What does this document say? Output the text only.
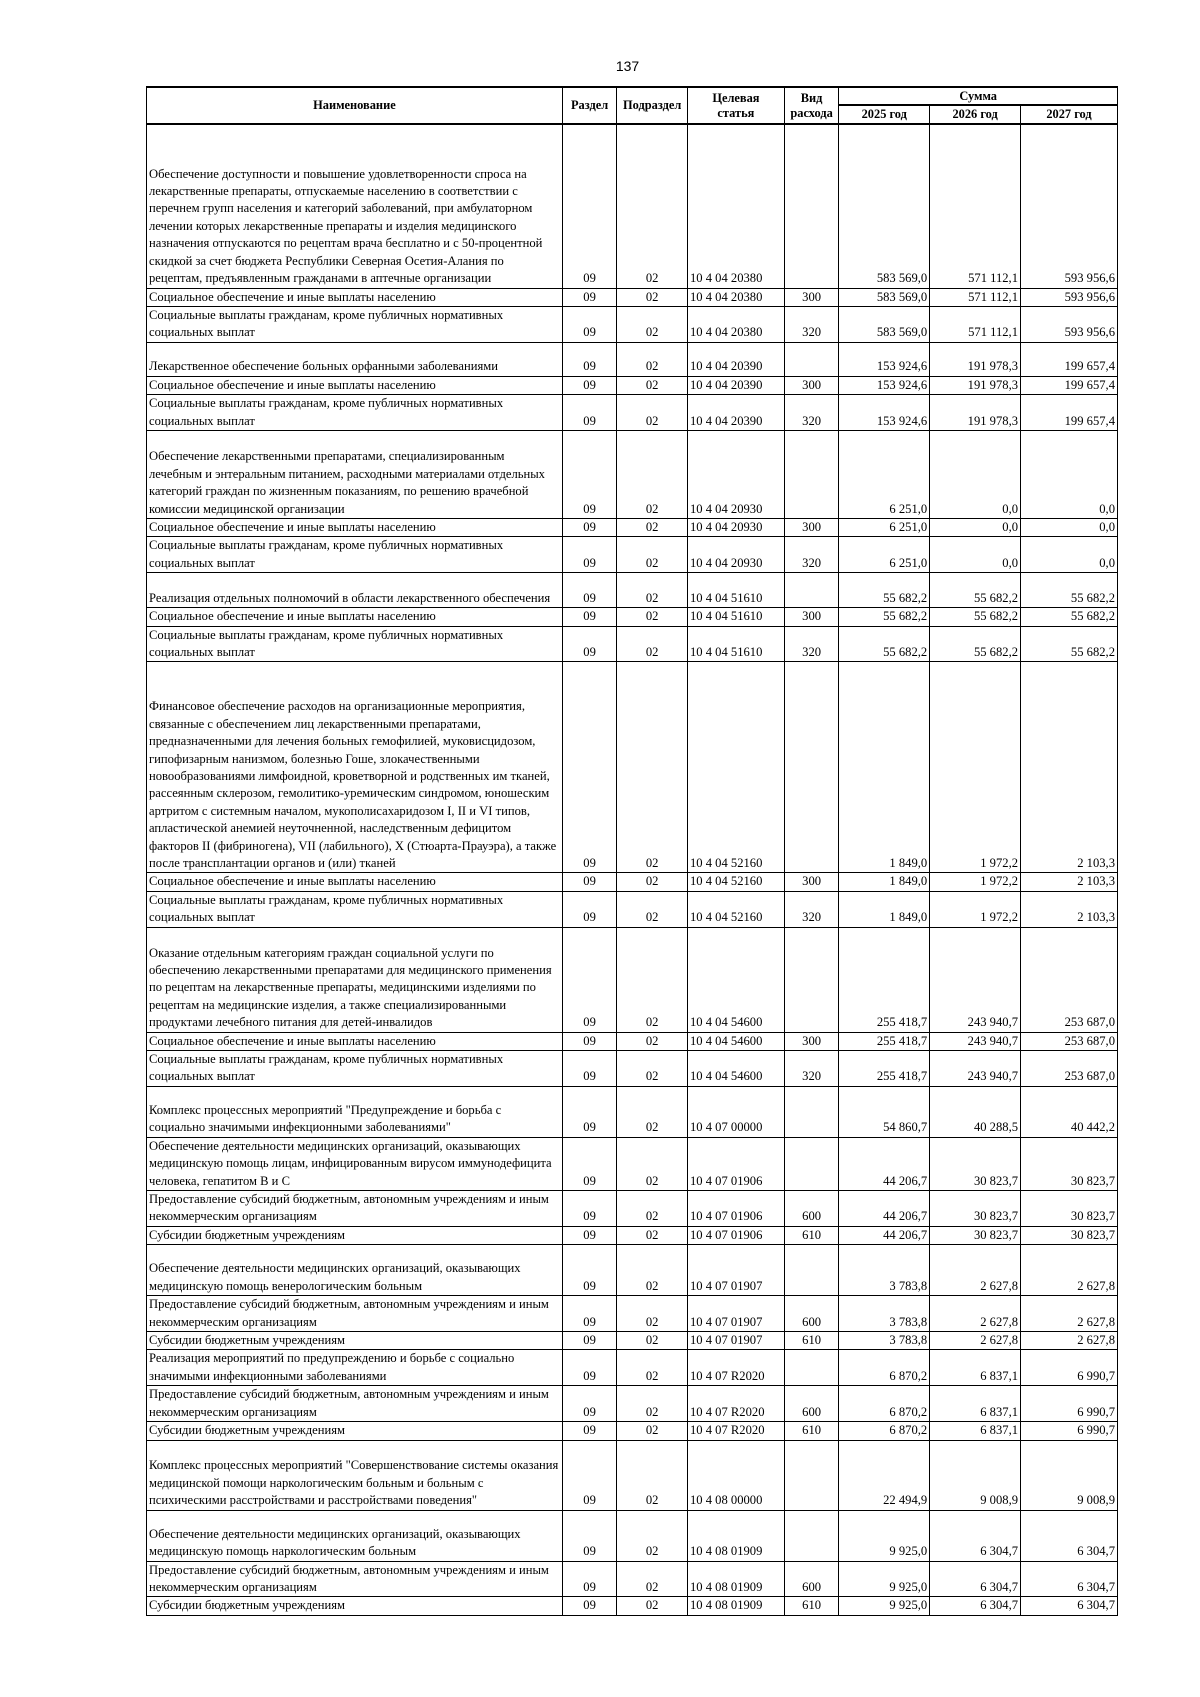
137
Наименование	Раздел	Подраздел	Целевая
статья	Вид
расхода	Сумма		
					2025 год	2026 год	2027 год
Обеспечение доступности и повышение удовлетворенности спроса на лекарственные препараты, отпускаемые населению в соответствии с перечнем групп населения и категорий заболеваний, при амбулаторном лечении которых лекарственные препараты и изделия медицинского назначения отпускаются по рецептам врача бесплатно и с 50-процентной скидкой за счет бюджета Республики Северная Осетия-Алания по рецептам, предъявленным гражданами в аптечные организации	09	02	10 4 04 20380		583 569,0	571 112,1	593 956,6
Социальное обеспечение и иные выплаты населению	09	02	10 4 04 20380	300	583 569,0	571 112,1	593 956,6
Социальные выплаты гражданам, кроме публичных нормативных социальных выплат	09	02	10 4 04 20380	320	583 569,0	571 112,1	593 956,6
Лекарственное обеспечение больных орфанными заболеваниями	09	02	10 4 04 20390		153 924,6	191 978,3	199 657,4
Социальное обеспечение и иные выплаты населению	09	02	10 4 04 20390	300	153 924,6	191 978,3	199 657,4
Социальные выплаты гражданам, кроме публичных нормативных социальных выплат	09	02	10 4 04 20390	320	153 924,6	191 978,3	199 657,4
Обеспечение лекарственными препаратами, специализированным лечебным и энтеральным питанием, расходными материалами отдельных категорий граждан по жизненным показаниям, по решению врачебной комиссии медицинской организации	09	02	10 4 04 20930		6 251,0	0,0	0,0
Социальное обеспечение и иные выплаты населению	09	02	10 4 04 20930	300	6 251,0	0,0	0,0
Социальные выплаты гражданам, кроме публичных нормативных социальных выплат	09	02	10 4 04 20930	320	6 251,0	0,0	0,0
Реализация отдельных полномочий в области лекарственного обеспечения	09	02	10 4 04 51610		55 682,2	55 682,2	55 682,2
Социальное обеспечение и иные выплаты населению	09	02	10 4 04 51610	300	55 682,2	55 682,2	55 682,2
Социальные выплаты гражданам, кроме публичных нормативных социальных выплат	09	02	10 4 04 51610	320	55 682,2	55 682,2	55 682,2
Финансовое обеспечение расходов на организационные мероприятия, связанные с обеспечением лиц лекарственными препаратами, предназначенными для лечения больных гемофилией, муковисцидозом, гипофизарным нанизмом, болезнью Гоше, злокачественными новообразованиями лимфоидной, кроветворной и родственных им тканей, рассеянным склерозом, гемолитико-уремическим синдромом, юношеским артритом с системным началом, мукополисахаридозом I, II и VI типов, апластической анемией неуточненной, наследственным дефицитом факторов II (фибриногена), VII (лабильного), X (Стюарта-Прауэра), а также после трансплантации органов и (или) тканей	09	02	10 4 04 52160		1 849,0	1 972,2	2 103,3
Социальное обеспечение и иные выплаты населению	09	02	10 4 04 52160	300	1 849,0	1 972,2	2 103,3
Социальные выплаты гражданам, кроме публичных нормативных социальных выплат	09	02	10 4 04 52160	320	1 849,0	1 972,2	2 103,3
Оказание отдельным категориям граждан социальной услуги по обеспечению лекарственными препаратами для медицинского применения по рецептам на лекарственные препараты, медицинскими изделиями по рецептам на медицинские изделия, а также специализированными продуктами лечебного питания для детей-инвалидов	09	02	10 4 04 54600		255 418,7	243 940,7	253 687,0
Социальное обеспечение и иные выплаты населению	09	02	10 4 04 54600	300	255 418,7	243 940,7	253 687,0
Социальные выплаты гражданам, кроме публичных нормативных социальных выплат	09	02	10 4 04 54600	320	255 418,7	243 940,7	253 687,0
Комплекс процессных мероприятий "Предупреждение и борьба с социально значимыми инфекционными заболеваниями"	09	02	10 4 07 00000		54 860,7	40 288,5	40 442,2
Обеспечение деятельности медицинских организаций, оказывающих медицинскую помощь лицам, инфицированным вирусом иммунодефицита человека, гепатитом В и С	09	02	10 4 07 01906		44 206,7	30 823,7	30 823,7
Предоставление субсидий бюджетным, автономным учреждениям и иным некоммерческим организациям	09	02	10 4 07 01906	600	44 206,7	30 823,7	30 823,7
Субсидии бюджетным учреждениям	09	02	10 4 07 01906	610	44 206,7	30 823,7	30 823,7
Обеспечение деятельности медицинских организаций, оказывающих медицинскую помощь венерологическим больным	09	02	10 4 07 01907		3 783,8	2 627,8	2 627,8
Предоставление субсидий бюджетным, автономным учреждениям и иным некоммерческим организациям	09	02	10 4 07 01907	600	3 783,8	2 627,8	2 627,8
Субсидии бюджетным учреждениям	09	02	10 4 07 01907	610	3 783,8	2 627,8	2 627,8
Реализация мероприятий по предупреждению и борьбе с социально значимыми инфекционными заболеваниями	09	02	10 4 07 R2020		6 870,2	6 837,1	6 990,7
Предоставление субсидий бюджетным, автономным учреждениям и иным некоммерческим организациям	09	02	10 4 07 R2020	600	6 870,2	6 837,1	6 990,7
Субсидии бюджетным учреждениям	09	02	10 4 07 R2020	610	6 870,2	6 837,1	6 990,7
Комплекс процессных мероприятий "Совершенствование системы оказания медицинской помощи наркологическим больным и больным с психическими расстройствами и расстройствами поведения"	09	02	10 4 08 00000		22 494,9	9 008,9	9 008,9
Обеспечение деятельности медицинских организаций, оказывающих медицинскую помощь наркологическим больным	09	02	10 4 08 01909		9 925,0	6 304,7	6 304,7
Предоставление субсидий бюджетным, автономным учреждениям и иным некоммерческим организациям	09	02	10 4 08 01909	600	9 925,0	6 304,7	6 304,7
Субсидии бюджетным учреждениям	09	02	10 4 08 01909	610	9 925,0	6 304,7	6 304,7
